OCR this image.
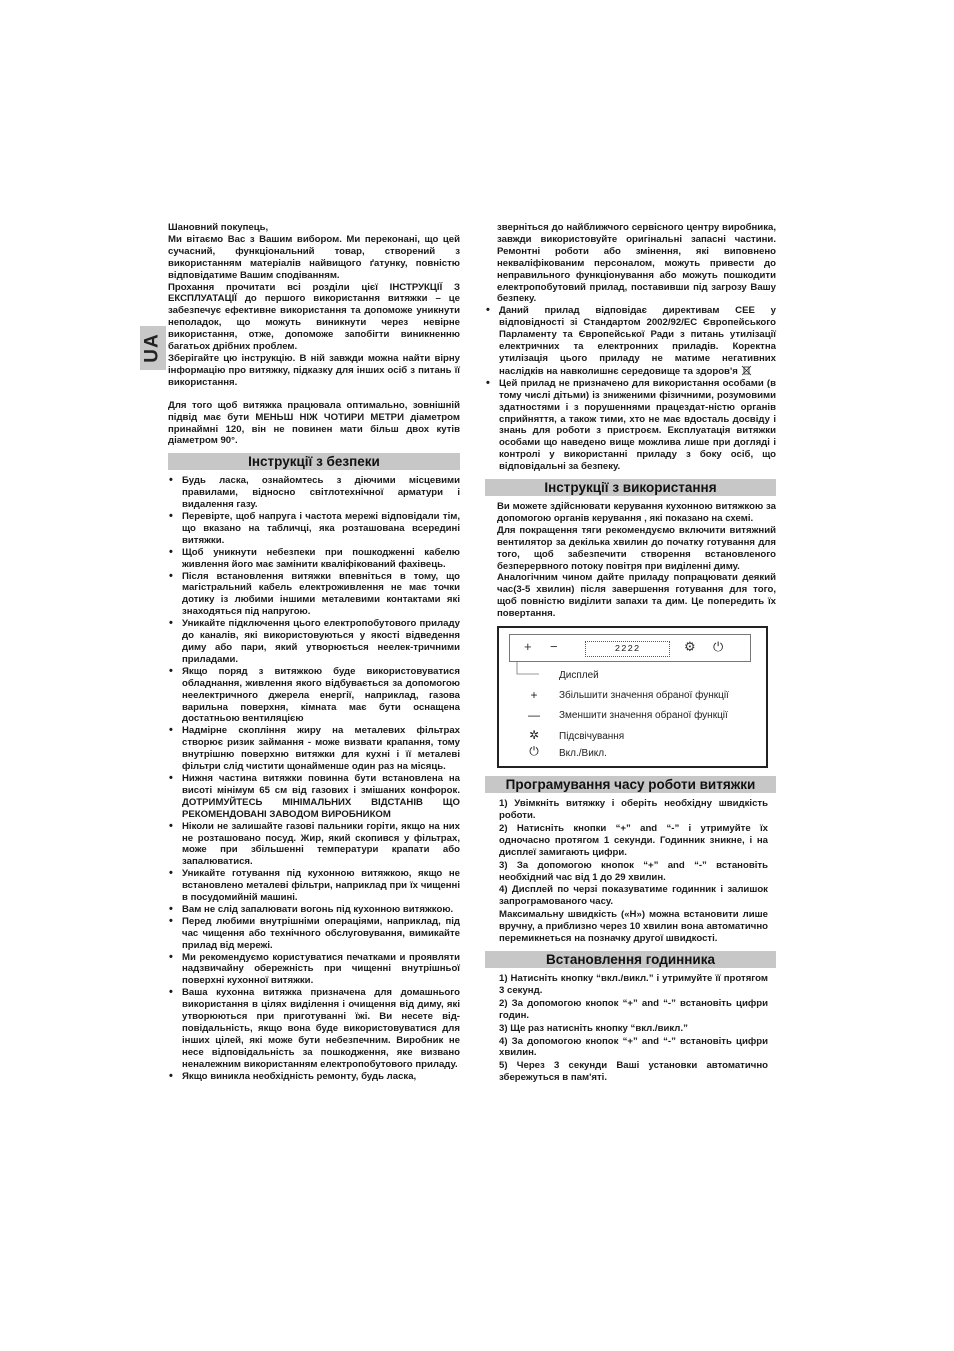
UA

Шановний покупець,

Ми вітаємо Вас з Вашим вибором. Ми переконані, що цей сучасний, функціональний товар, створений з використанням матеріалів найвищого ґатунку, повністю відповідатиме Вашим сподіванням.

Прохання прочитати всі розділи цієї ІНСТРУКЦІЇ З ЕКСПЛУАТАЦІЇ до першого використання витяжки – це забезпечує ефективне використання та допоможе уникнути неполадок, що можуть виникнути через невірне використання, отже, допоможе запобігти виникненню багатьох дрібних проблем.

Зберігайте цю інструкцію. В ній завжди можна найти вірну інформацію про витяжку, підказку для інших осіб з питань її використання.

Для того щоб витяжка працювала оптимально, зовнішній підвід має бути МЕНЬШ НІЖ ЧОТИРИ МЕТРИ діаметром принаймні 120, він не повинен мати більш двох кутів діаметром 90°.

Інструкції з безпеки
• Будь ласка, ознайомтесь з діючими місцевими правилами, відносно світлотехнічної арматури і видалення газу.
• Перевірте, щоб напруга і частота мережі відповідали тім, що вказано на табличці, яка розташована всередині витяжки.
• Щоб уникнути небезпеки при пошкодженні кабелю живлення його має замінити кваліфікований фахівець.
• Після встановлення витяжки впевніться в тому, що магістральний кабель електроживлення не має точки дотику із любими іншими металевими контактами які знаходяться під напругою.
• Уникайте підключення цього електропобутового приладу до каналів, які використовуються у якості відведення диму або пари, який утворюється неелек-тричними приладами.
• Якщо поряд з витяжкою буде використовуватися обладнання, живлення якого відбувається за допомогою неелектричного джерела енергії, наприклад, газова варильна поверхня, кімната має бути оснащена достатньою вентиляцією
• Надмірне скопління жиру на металевих фільтрах створює ризик займання - може визвати крапання, тому внутрішню поверхню витяжки для кухні і її металеві фільтри слід чистити щонайменше один раз на місяць.
• Нижня частина витяжки повинна бути встановлена на висоті мінімум 65 см від газових і змішаних конфорок. ДОТРИМУЙТЕСЬ МІНІМАЛЬНИХ ВІДСТАНІВ ЩО РЕКОМЕНДОВАНІ ЗАВОДОМ ВИРОБНИКОМ
• Ніколи не залишайте газові пальники горіти, якщо на них не розташовано посуд. Жир, який скопився у фільтрах, може при збільшенні температури крапати або запалюватися.
• Уникайте готування під кухонною витяжкою, якщо не встановлено металеві фільтри, наприклад при їх чищенні в посудомийній машині.
• Вам не слід запалювати вогонь під кухонною витяжкою.
• Перед любими внутрішніми операціями, наприклад, під час чищення або технічного обслуговування, вимикайте прилад від мережі.
• Ми рекомендуємо користуватися печатками и проявляти надзвичайну обережність при чищенні внутрішньої поверхні кухонної витяжки.
• Ваша кухонна витяжка призначена для домашнього використання в цілях виділення і очищення від диму, які утворюються при приготуванні їжі. Ви несете від-повідальність, якщо вона буде використовуватися для інших цілей, які може бути небезпечним. Виробник не несе відповідальність за пошкодження, яке визвано неналежним використанням електропобутового приладу.
• Якщо виникла необхідність ремонту, будь ласка,

зверніться до найближчого сервісного центру виробника, завжди використовуйте оригінальні запасні частини. Ремонтні роботи або змінення, які виповнено некваліфікованим персоналом, можуть привести до неправильного функціонування або можуть пошкодити електропобутовий прилад, поставивши під загрозу Вашу безпеку.

• Даний прилад відповідає директивам CEE у відповідності зі Стандартом 2002/92/ЕС Європейського Парламенту та Європейської Ради з питань утилізації електричних та електронних приладів. Коректна утилізація цього приладу не матиме негативних наслідків на навколишнє середовище та здоров'я
• Цей прилад не призначено для використання особами (в тому числі дітьми) із зниженими фізичними, розумовими здатностями і з порушеннями працездат-ністю органів сприйняття, а також тими, хто не має вдосталь досвіду і знань для роботи з пристроєм. Експлуатація витяжки особами що наведено вище можлива лише при догляді і контролі у використанні приладу з боку осіб, що відповідальні за безпеку.
Інструкції з використання

Ви можете здійснювати керування кухонною витяжкою за допомогою органів керування , які показано на схемі.

Для покращення тяги рекомендуємо включити витяжний вентилятор за декілька хвилин до початку готування для того, щоб забезпечити створення встановленого безперервного потоку повітря при виділенні диму.

Аналогічним чином дайте приладу попрацювати деякий час(3-5 хвилин) після завершення готування для того, щоб повністю виділити запахи та дим. Це попередить їх повертання.

+ −	2222	⚙ ⏻
Дисплей
+	Збільшити значення обраної функції
— Зменшити значення обраної функції
✲ Підсвічування
⏻ Вкл./Викл.
Програмування часу роботи витяжки

1) Увімкніть витяжку і оберіть необхідну швидкість роботи.

2) Натисніть кнопки “+” and “-” і утримуйте їх одночасно протягом 1 секунди. Годинник зникне, і на дисплеї замигають цифри.

3) За допомогою кнопок “+” and “-” встановіть необхідний час від 1 до 29 хвилин.

4) Дисплей по черзі показуватиме годинник і залишок запрограмованого часу.

Максимальну швидкість («Н») можна встановити лише вручну, а приблизно через 10 хвилин вона автоматично перемикнеться на позначку другої швидкості.

Встановлення годинника

1) Натисніть кнопку “вкл./викл.” і утримуйте її протягом 3 секунд.

2) За допомогою кнопок “+” and “-” встановіть цифри годин.

3) Ще раз натисніть кнопку “вкл./викл.”

4) За допомогою кнопок “+” and “-” встановіть цифри хвилин.

5) Через 3 секунди Ваші установки автоматично збережуться в пам'яті.
